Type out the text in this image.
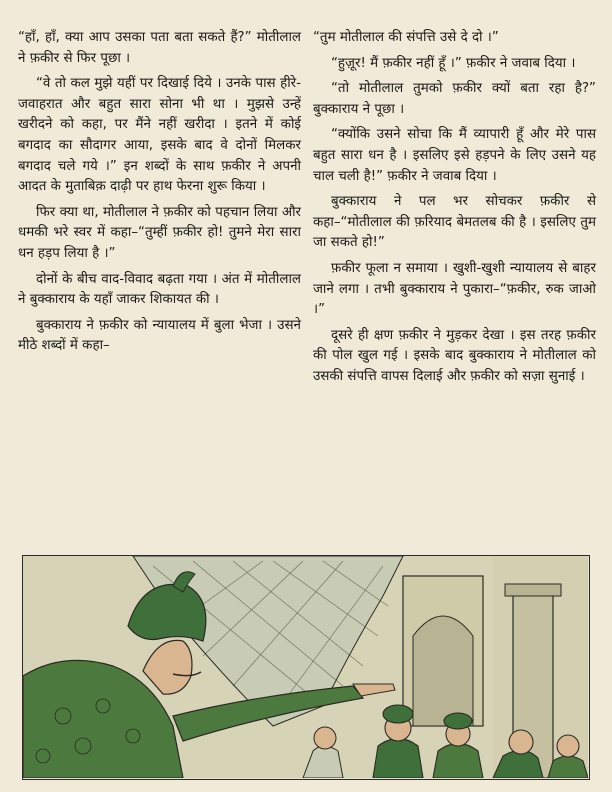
“हाँ, हाँ, क्या आप उसका पता बता सकते हैं?” मोतीलाल ने फ़कीर से फिर पूछा ।

“वे तो कल मुझे यहीं पर दिखाई दिये । उनके पास हीरे-जवाहरात और बहुत सारा सोना भी था । मुझसे उन्हें खरीदने को कहा, पर मैंने नहीं खरीदा । इतने में कोई बगदाद का सौदागर आया, इसके बाद वे दोनों मिलकर बगदाद चले गये ।” इन शब्दों के साथ फ़कीर ने अपनी आदत के मुताबिक़ दाढ़ी पर हाथ फेरना शुरू किया ।

फिर क्या था, मोतीलाल ने फ़कीर को पहचान लिया और धमकी भरे स्वर में कहा–“तुम्हीं फ़कीर हो! तुमने मेरा सारा धन हड़प लिया है ।”

दोनों के बीच वाद-विवाद बढ़ता गया । अंत में मोतीलाल ने बुक्काराय के यहाँ जाकर शिकायत की ।

बुक्काराय ने फ़कीर को न्यायालय में बुला भेजा । उसने मीठे शब्दों में कहा–

“तुम मोतीलाल की संपत्ति उसे दे दो ।”

“हुज़ूर! मैं फ़कीर नहीं हूँ ।” फ़कीर ने जवाब दिया ।

“तो मोतीलाल तुमको फ़कीर क्यों बता रहा है?” बुक्काराय ने पूछा ।

“क्योंकि उसने सोचा कि मैं व्यापारी हूँ और मेरे पास बहुत सारा धन है । इसलिए इसे हड़पने के लिए उसने यह चाल चली है!” फ़कीर ने जवाब दिया ।

बुक्काराय ने पल भर सोचकर फ़कीर से कहा–“मोतीलाल की फ़रियाद बेमतलब की है । इसलिए तुम जा सकते हो!”

फ़कीर फूला न समाया । खुशी-खुशी न्यायालय से बाहर जाने लगा । तभी बुक्काराय ने पुकारा–“फ़कीर, रुक जाओ ।”

दूसरे ही क्षण फ़कीर ने मुड़कर देखा । इस तरह फ़कीर की पोल खुल गई । इसके बाद बुक्काराय ने मोतीलाल को उसकी संपत्ति वापस दिलाई और फ़कीर को सज़ा सुनाई ।
